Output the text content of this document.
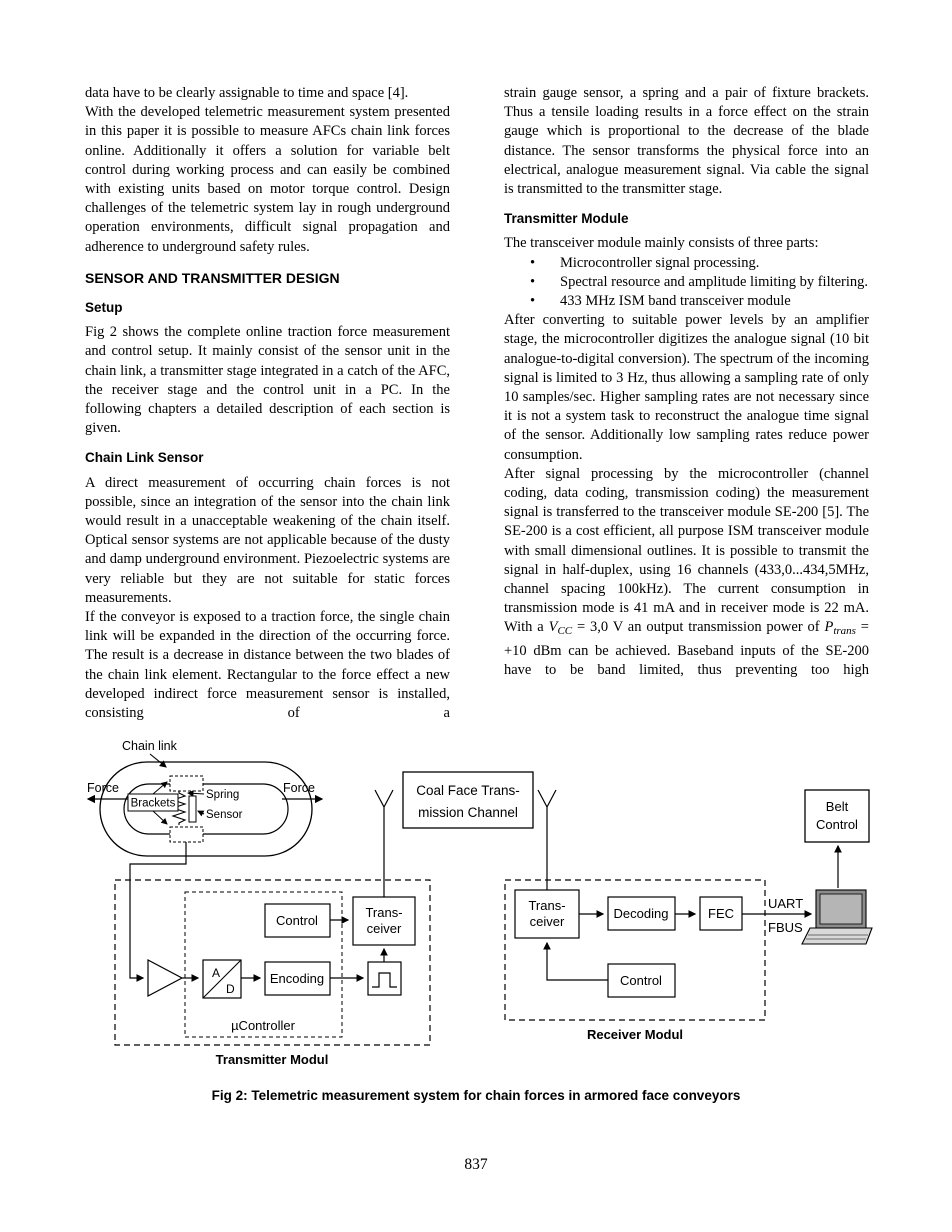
data have to be clearly assignable to time and space [4].

With the developed telemetric measurement system presented in this paper it is possible to measure AFCs chain link forces online. Additionally it offers a solution for variable belt control during working process and can easily be combined with existing units based on motor torque control. Design challenges of the telemetric system lay in rough underground operation environments, difficult signal propagation and adherence to underground safety rules.

SENSOR AND TRANSMITTER DESIGN
Setup

Fig 2 shows the complete online traction force measurement and control setup. It mainly consist of the sensor unit in the chain link, a transmitter stage integrated in a catch of the AFC, the receiver stage and the control unit in a PC. In the following chapters a detailed description of each section is given.

Chain Link Sensor

A direct measurement of occurring chain forces is not possible, since an integration of the sensor into the chain link would result in a unacceptable weakening of the chain itself. Optical sensor systems are not applicable because of the dusty and damp underground environment. Piezoelectric systems are very reliable but they are not suitable for static forces measurements.

If the conveyor is exposed to a traction force, the single chain link will be expanded in the direction of the occurring force. The result is a decrease in distance between the two blades of the chain link element. Rectangular to the force effect a new developed indirect force measurement sensor is installed, consisting of a

strain gauge sensor, a spring and a pair of fixture brackets. Thus a tensile loading results in a force effect on the strain gauge which is proportional to the decrease of the blade distance. The sensor transforms the physical force into an electrical, analogue measurement signal. Via cable the signal is transmitted to the transmitter stage.

Transmitter Module

The transceiver module mainly consists of three parts:

• Microcontroller signal processing.
• Spectral resource and amplitude limiting by filtering.
• 433 MHz ISM band transceiver module

After converting to suitable power levels by an amplifier stage, the microcontroller digitizes the analogue signal (10 bit analogue-to-digital conversion). The spectrum of the incoming signal is limited to 3 Hz, thus allowing a sampling rate of only 10 samples/sec. Higher sampling rates are not necessary since it is not a system task to reconstruct the analogue time signal of the sensor. Additionally low sampling rates reduce power consumption.

After signal processing by the microcontroller (channel coding, data coding, transmission coding) the measurement signal is transferred to the transceiver module SE-200 [5]. The SE-200 is a cost efficient, all purpose ISM transceiver module with small dimensional outlines. It is possible to transmit the signal in half-duplex, using 16 channels (433,0...434,5MHz, channel spacing 100kHz). The current consumption in transmission mode is 41 mA and in receiver mode is 22 mA. With a $V_{CC} = 3,0$ V an output transmission power of $P_{trans} = +10$ dBm can be achieved. Baseband inputs of the SE-200 have to be band limited, thus preventing too high

Chain link
Brackets
Spring
Sensor
Force	Force	Coal Face Trans-
mission Channel	Belt
Control
Control
Trans-
ceiver
A
D
Encoding
µController
Transmitter Modul
Trans-
ceiver
Decoding	FEC
Control
Receiver Modul
UART
FBUS
Fig 2: Telemetric measurement system for chain forces in armored face conveyors
837
